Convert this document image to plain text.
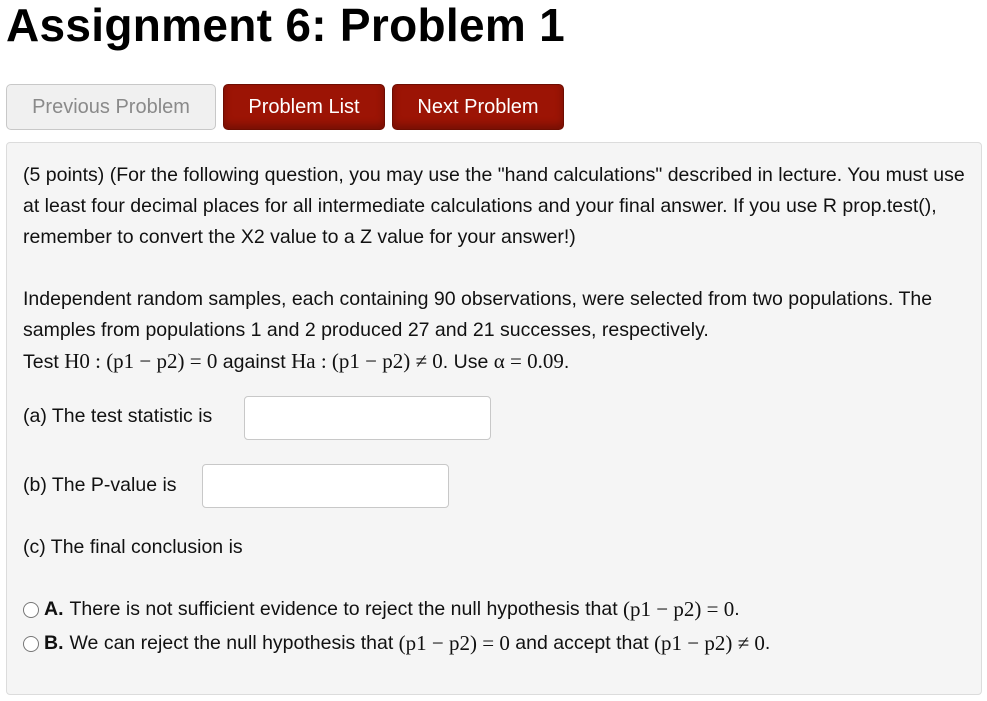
Assignment 6: Problem 1
Previous Problem	Problem List	Next Problem

(5 points) (For the following question, you may use the "hand calculations" described in lecture. You must use at least four decimal places for all intermediate calculations and your final answer. If you use R prop.test(), remember to convert the X2 value to a Z value for your answer!)

Independent random samples, each containing 90 observations, were selected from two populations. The samples from populations 1 and 2 produced 27 and 21 successes, respectively.
Test H0 : (p1 − p2) = 0 against Ha : (p1 − p2) ≠ 0. Use α = 0.09.
(a) The test statistic is
(b) The P-value is
(c) The final conclusion is
A. There is not sufficient evidence to reject the null hypothesis that
(p1 − p2) = 0 .
B. We can reject the null hypothesis that
(p1 − p2) = 0
and accept that
(p1 − p2) ≠ 0 .
